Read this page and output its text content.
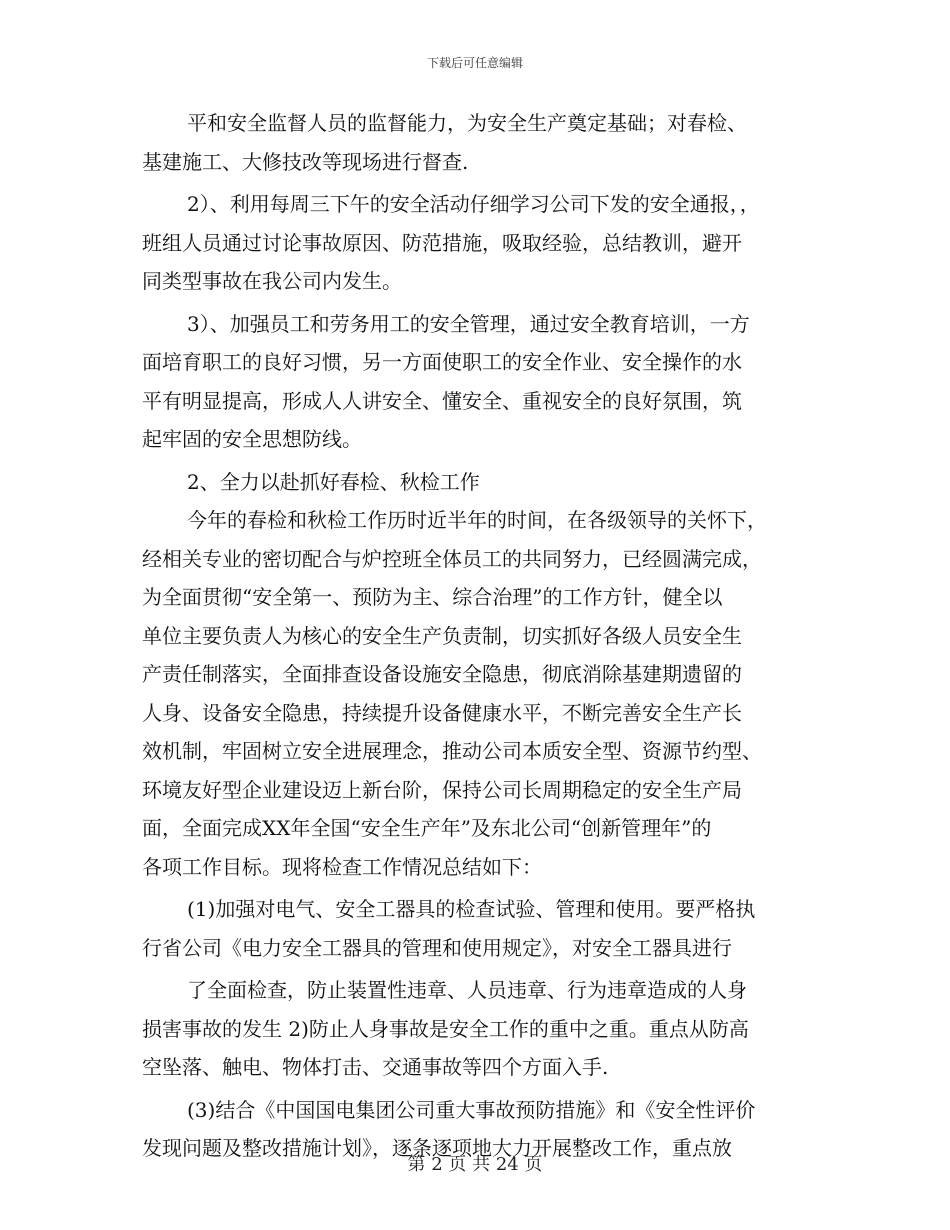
下载后可任意编辑
平和安全监督人员的监督能力，为安全生产奠定基础；对春检、
基建施工、大修技改等现场进行督查.
2）、利用每周三下午的安全活动仔细学习公司下发的安全通报，，
班组人员通过讨论事故原因、防范措施，吸取经验，总结教训，避开
同类型事故在我公司内发生。
3）、加强员工和劳务用工的安全管理，通过安全教育培训，一方
面培育职工的良好习惯，另一方面使职工的安全作业、安全操作的水
平有明显提高，形成人人讲安全、懂安全、重视安全的良好氛围，筑
起牢固的安全思想防线。
2、全力以赴抓好春检、秋检工作
今年的春检和秋检工作历时近半年的时间，在各级领导的关怀下，
经相关专业的密切配合与炉控班全体员工的共同努力，已经圆满完成，
为全面贯彻“安全第一、预防为主、综合治理”的工作方针，健全以
单位主要负责人为核心的安全生产负责制，切实抓好各级人员安全生
产责任制落实，全面排查设备设施安全隐患，彻底消除基建期遗留的
人身、设备安全隐患，持续提升设备健康水平，不断完善安全生产长
效机制，牢固树立安全进展理念，推动公司本质安全型、资源节约型、
环境友好型企业建设迈上新台阶，保持公司长周期稳定的安全生产局
面，全面完成XX年全国“安全生产年”及东北公司“创新管理年”的
各项工作目标。现将检查工作情况总结如下：
(1)加强对电气、安全工器具的检查试验、管理和使用。要严格执
行省公司《电力安全工器具的管理和使用规定》，对安全工器具进行
了全面检查，防止装置性违章、人员违章、行为违章造成的人身
损害事故的发生 2)防止人身事故是安全工作的重中之重。重点从防高
空坠落、触电、物体打击、交通事故等四个方面入手.
(3)结合《中国国电集团公司重大事故预防措施》和《安全性评价
发现问题及整改措施计划》，逐条逐项地大力开展整改工作，重点放
第 2 页 共 24 页
